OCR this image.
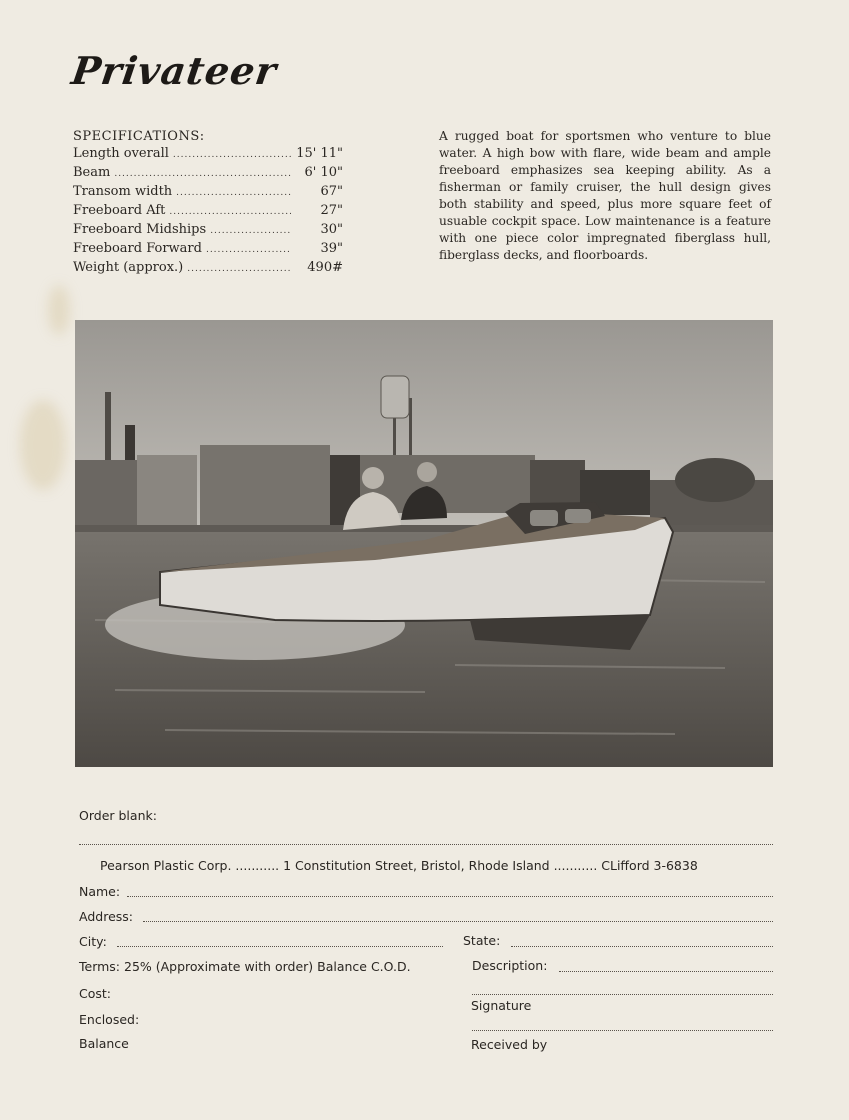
Privateer
SPECIFICATIONS:
Length overall .....	15' 11"
Beam .....	6' 10"
Transom width .....	67"
Freeboard Aft .....	27"
Freeboard Midships .....	30"
Freeboard Forward .....	39"
Weight (approx.) .....	490#
A rugged boat for sportsmen who venture to blue water. A high bow with flare, wide beam and ample freeboard emphasizes sea keeping ability. As a fisherman or family cruiser, the hull design gives both stability and speed, plus more square feet of usuable cockpit space. Low maintenance is a feature with one piece color impregnated fiberglass hull, fiberglass decks, and floorboards.
Order blank:
Pearson Plastic Corp. ........... 1 Constitution Street, Bristol, Rhode Island ........... CLifford 3-6838
Name:
Address:
City:	State:
Terms: 25% (Approximate with order) Balance C.O.D.	Description:
Cost:
Signature
Enclosed:
Balance	Received by
